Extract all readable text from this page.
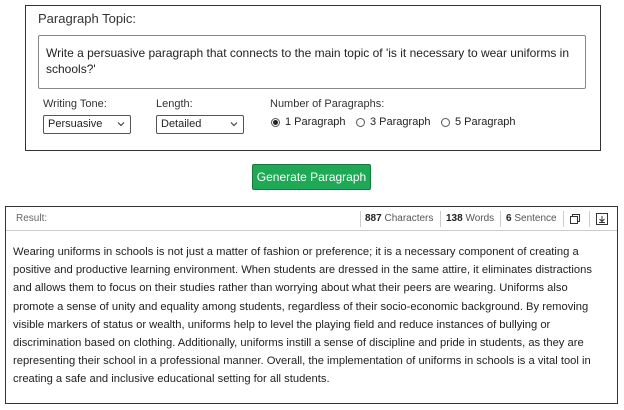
Paragraph Topic:
Write a persuasive paragraph that connects to the main topic of 'is it necessary to wear uniforms in schools?'
Writing Tone:
Persuasive
Length:
Detailed
Number of Paragraphs:
1 Paragraph 3 Paragraph 5 Paragraph
Generate Paragraph
Result:	887 Characters 138 Words 6 Sentence
Wearing uniforms in schools is not just a matter of fashion or preference; it is a necessary component of creating a positive and productive learning environment. When students are dressed in the same attire, it eliminates distractions and allows them to focus on their studies rather than worrying about what their peers are wearing. Uniforms also promote a sense of unity and equality among students, regardless of their socio-economic background. By removing visible markers of status or wealth, uniforms help to level the playing field and reduce instances of bullying or discrimination based on clothing. Additionally, uniforms instill a sense of discipline and pride in students, as they are representing their school in a professional manner. Overall, the implementation of uniforms in schools is a vital tool in creating a safe and inclusive educational setting for all students.
